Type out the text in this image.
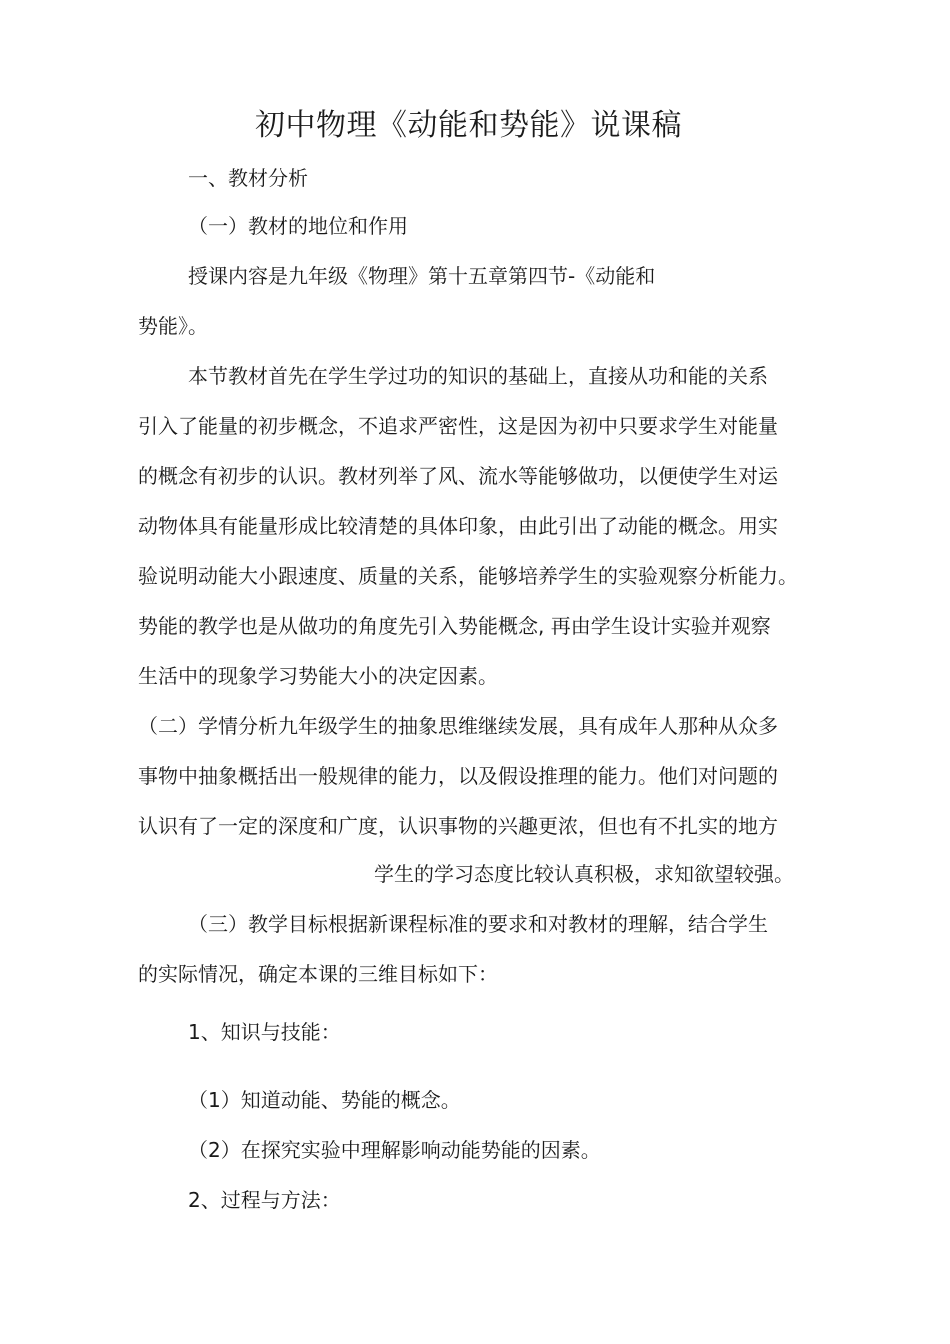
初中物理《动能和势能》说课稿
一、教材分析
（一）教材的地位和作用
授课内容是九年级《物理》第十五章第四节-《动能和
势能》。
本节教材首先在学生学过功的知识的基础上，直接从功和能的关系
引入了能量的初步概念，不追求严密性，这是因为初中只要求学生对能量
的概念有初步的认识。教材列举了风、流水等能够做功，以便使学生对运
动物体具有能量形成比较清楚的具体印象，由此引出了动能的概念。用实
验说明动能大小跟速度、质量的关系，能够培养学生的实验观察分析能力。
势能的教学也是从做功的角度先引入势能概念, 再由学生设计实验并观察
生活中的现象学习势能大小的决定因素。
（二）学情分析九年级学生的抽象思维继续发展，具有成年人那种从众多
事物中抽象概括出一般规律的能力，以及假设推理的能力。他们对问题的
认识有了一定的深度和广度，认识事物的兴趣更浓，但也有不扎实的地方
学生的学习态度比较认真积极，求知欲望较强。
（三）教学目标根据新课程标准的要求和对教材的理解，结合学生
的实际情况，确定本课的三维目标如下：
1、知识与技能：
（1）知道动能、势能的概念。
（2）在探究实验中理解影响动能势能的因素。
2、过程与方法：
